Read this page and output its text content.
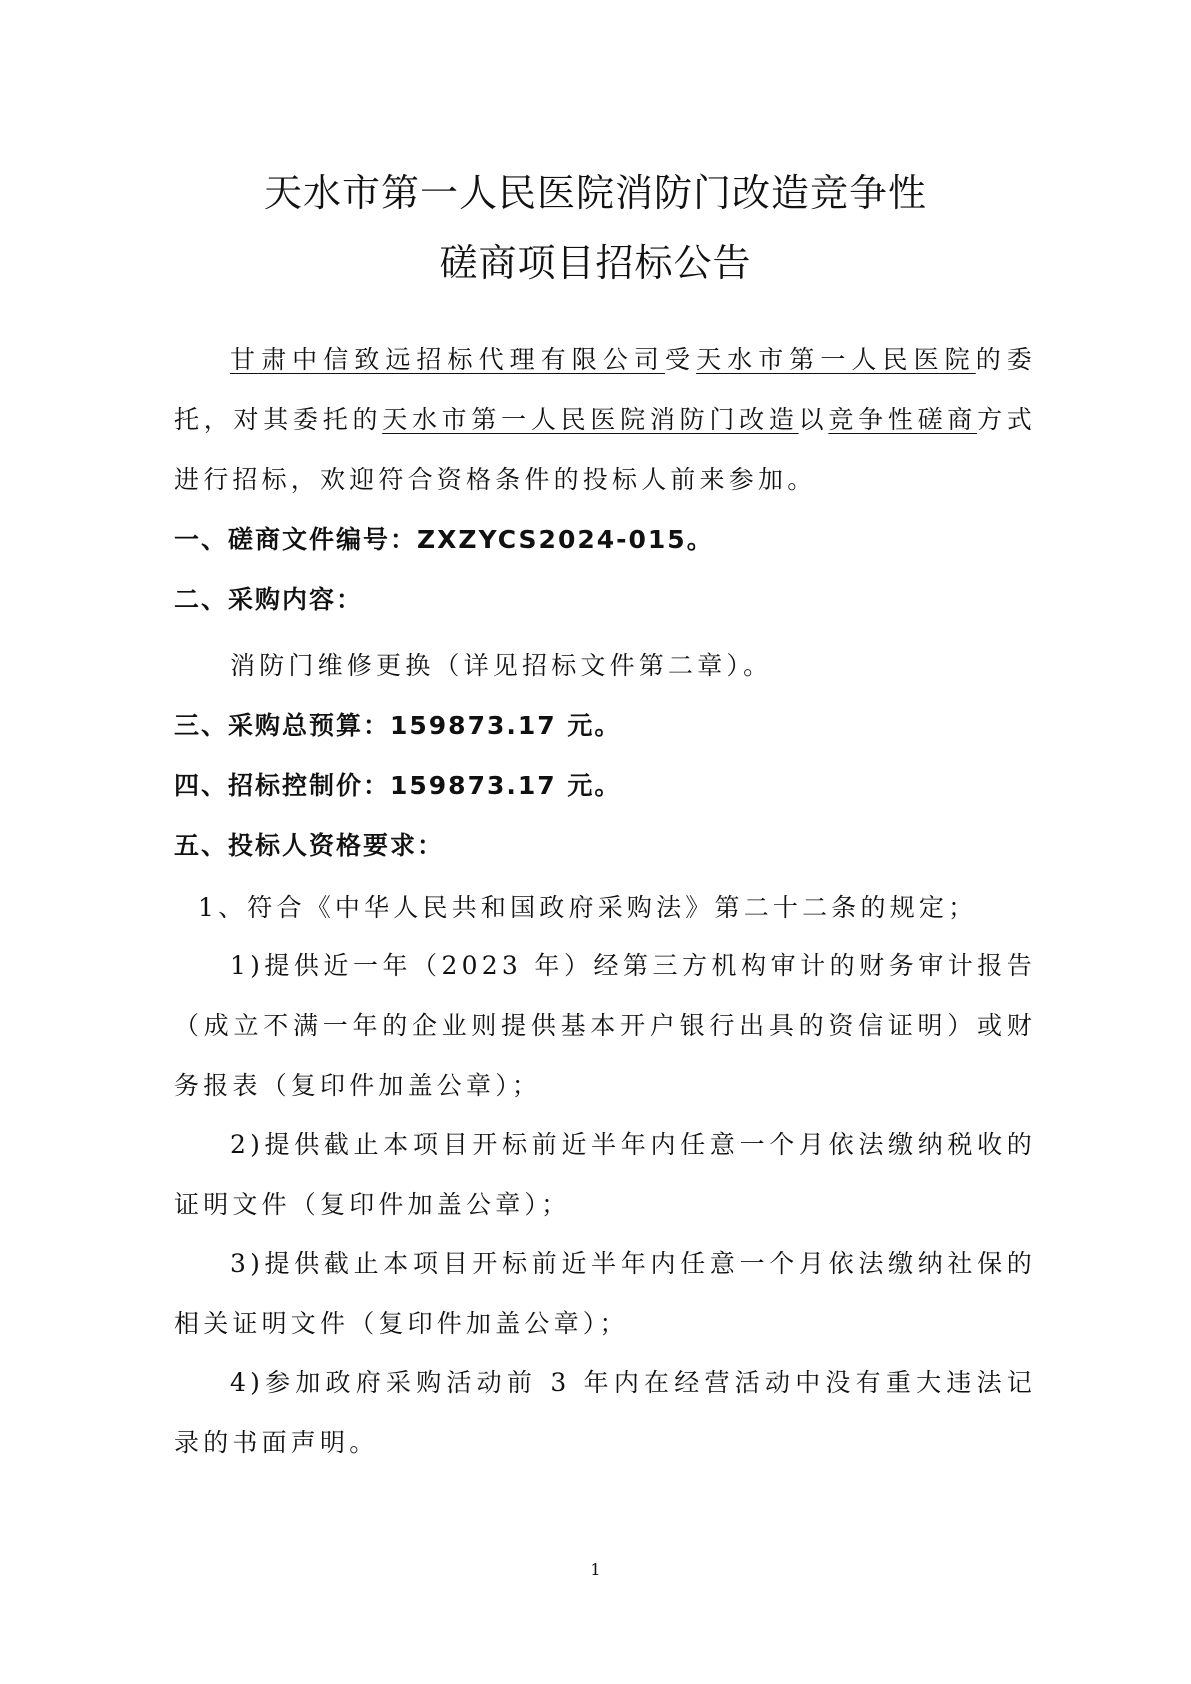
天水市第一人民医院消防门改造竞争性
磋商项目招标公告

甘肃中信致远招标代理有限公司受天水市第一人民医院的委托，对其委托的天水市第一人民医院消防门改造以竞争性磋商方式进行招标，欢迎符合资格条件的投标人前来参加。

一、磋商文件编号：ZXZYCS2024-015。
二、采购内容：
消防门维修更换（详见招标文件第二章）。
三、采购总预算：159873.17 元。
四、招标控制价：159873.17 元。
五、投标人资格要求：
1、符合《中华人民共和国政府采购法》第二十二条的规定；

1)提供近一年（2023 年）经第三方机构审计的财务审计报告（成立不满一年的企业则提供基本开户银行出具的资信证明）或财务报表（复印件加盖公章）；

2)提供截止本项目开标前近半年内任意一个月依法缴纳税收的证明文件（复印件加盖公章）；

3)提供截止本项目开标前近半年内任意一个月依法缴纳社保的相关证明文件（复印件加盖公章）；

4)参加政府采购活动前 3 年内在经营活动中没有重大违法记录的书面声明。

1
